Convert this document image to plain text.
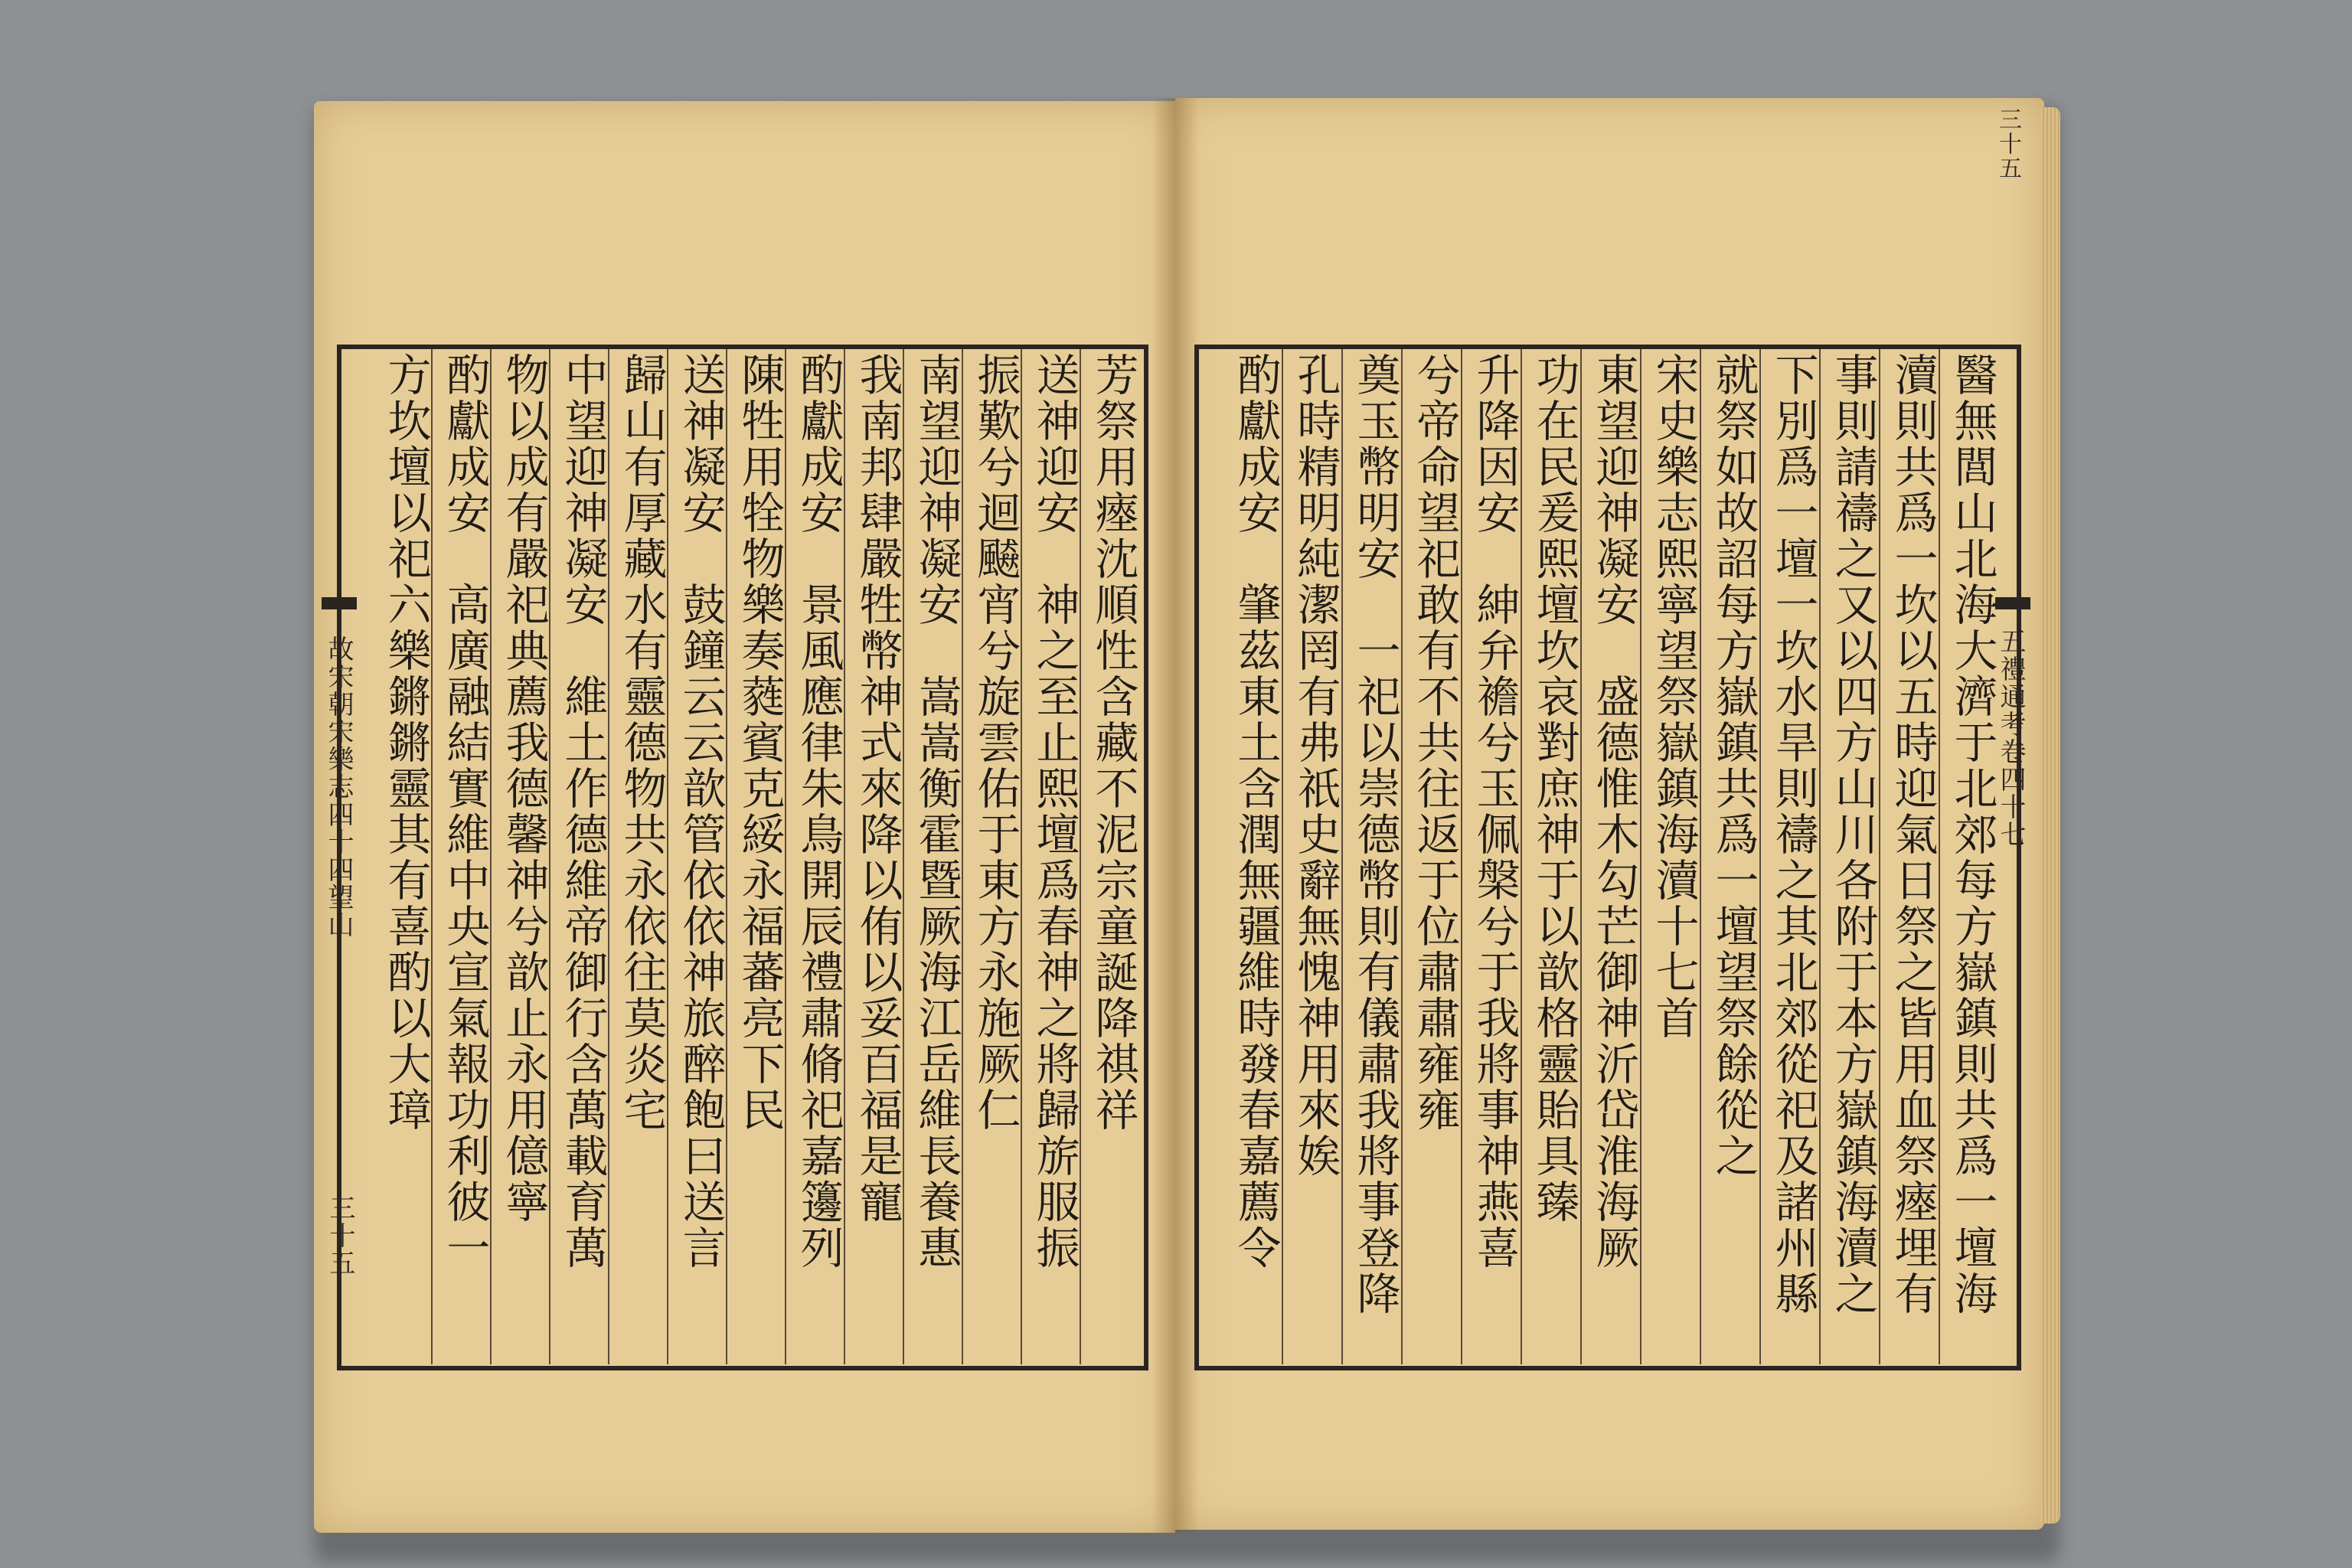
故宋朝宋樂志四十四望山
三十五
三十五
五禮通考卷四十七
醫無閭山北海大濟于北郊每方嶽鎮則共爲一壇海
瀆則共爲一坎以五時迎氣日祭之皆用血祭瘞埋有
事則請禱之又以四方山川各附于本方嶽鎮海瀆之
下別爲一壇一坎水旱則禱之其北郊從祀及諸州縣
就祭如故詔每方嶽鎮共爲一壇望祭餘從之
宋史樂志熙寧望祭嶽鎮海瀆十七首
東望迎神凝安　盛德惟木勾芒御神沂岱淮海厥
功在民爰熙壇坎哀對庶神于以歆格靈貽具臻
升降因安　紳弁襜兮玉佩槃兮于我將事神燕喜
兮帝命望祀敢有不共往返于位肅肅雍雍
奠玉幣明安　一祀以崇德幣則有儀肅我將事登降
孔時精明純潔罔有弗祇史辭無愧神用來娭
酌獻成安　肇茲東土含潤無疆維時發春嘉薦令
芳祭用瘞沈順性含藏不泥宗童誕降祺祥
送神迎安　神之至止熙壇爲春神之將歸旂服振
振歎兮迴飇宵兮旋雲佑于東方永施厥仁
南望迎神凝安　嵩嵩衡霍暨厥海江岳維長養惠
我南邦肆嚴牲幣神式來降以侑以妥百福是寵
酌獻成安　景風應律朱鳥開辰禮肅脩祀嘉籩列
陳牲用牷物樂奏蕤賓克綏永福蕃亮下民
送神凝安　鼓鐘云云歆管依依神旅醉飽曰送言
歸山有厚藏水有靈德物共永依往莫炎宅
中望迎神凝安　維土作德維帝御行含萬載育萬
物以成有嚴祀典薦我德馨神兮歆止永用億寧
酌獻成安　高廣融結實維中央宣氣報功利彼一
方坎壇以祀六樂鏘鏘靈其有喜酌以大璋
